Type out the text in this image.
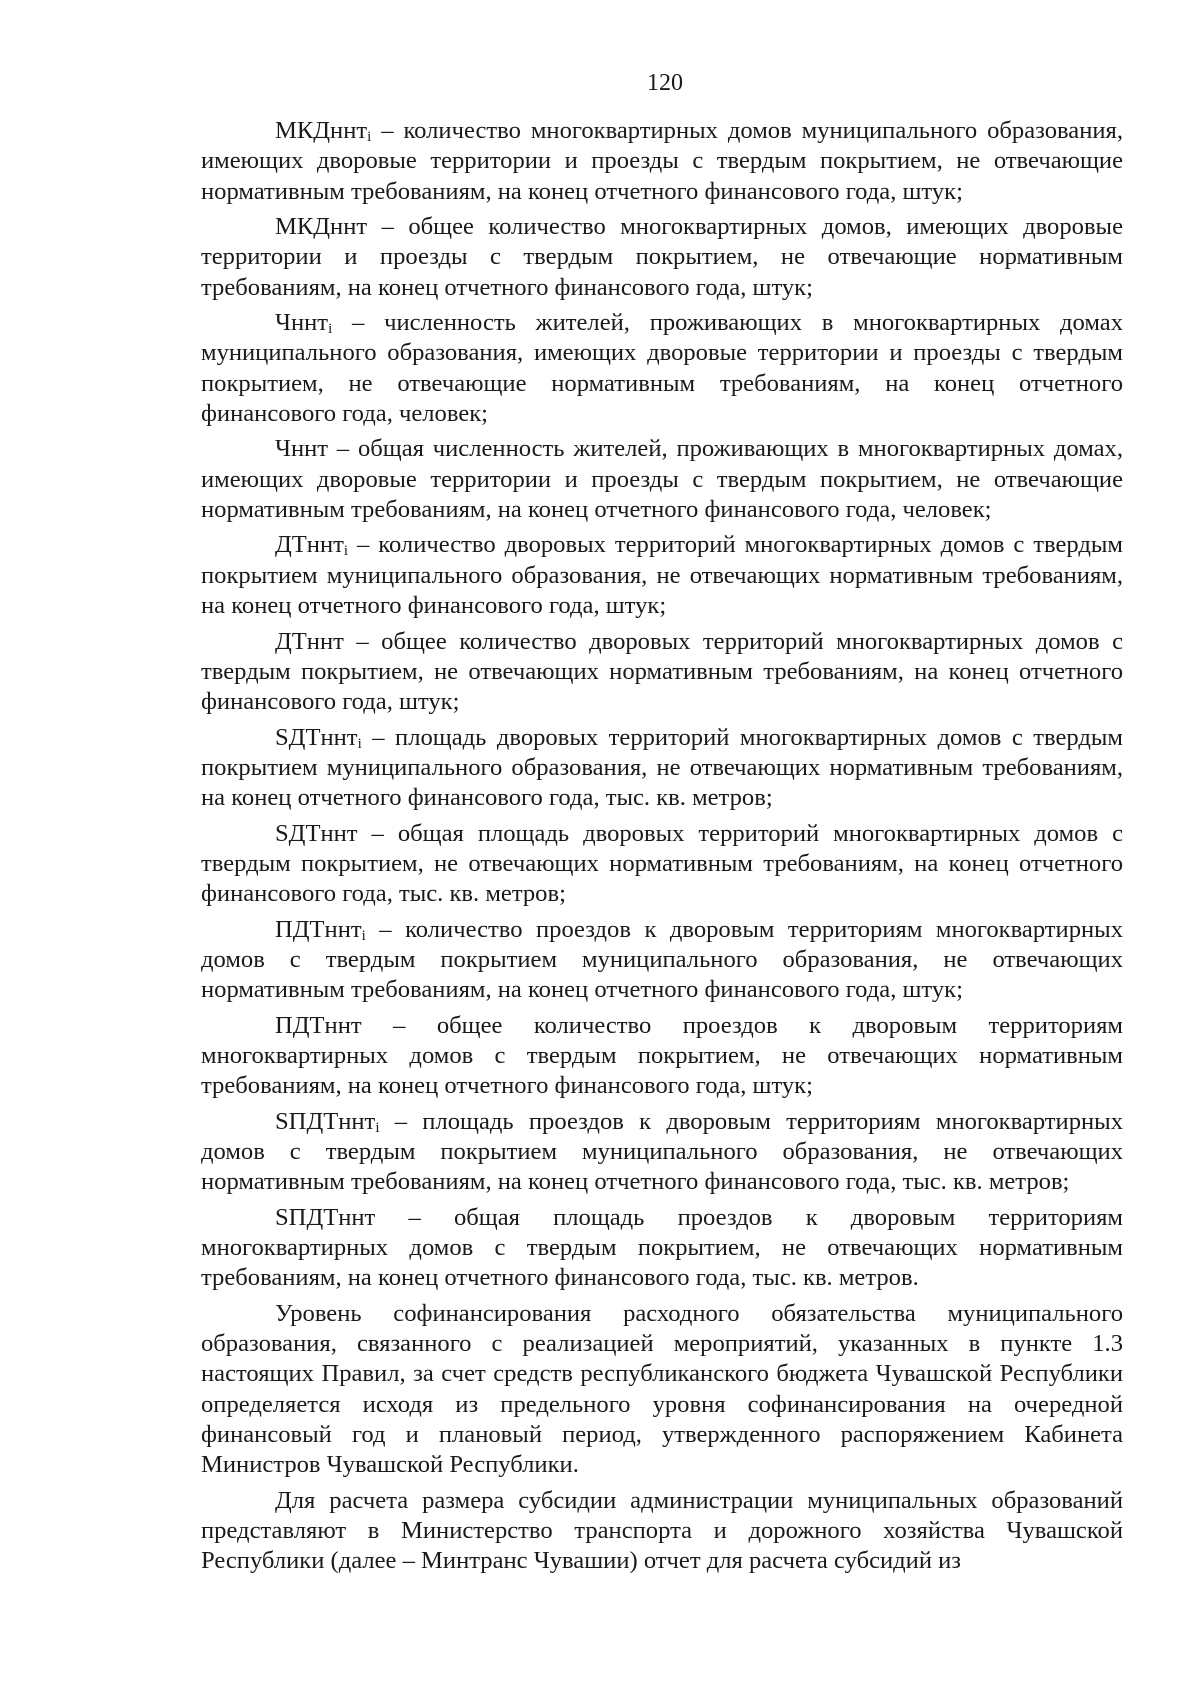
120

МКДннт$_i$ – количество многоквартирных домов муниципального образования, имеющих дворовые территории и проезды с твердым покрытием, не отвечающие нормативным требованиям, на конец отчетного финансового года, штук;

МКДннт – общее количество многоквартирных домов, имеющих дворовые территории и проезды с твердым покрытием, не отвечающие нормативным требованиям, на конец отчетного финансового года, штук;

Чннт$_i$ – численность жителей, проживающих в многоквартирных домах муниципального образования, имеющих дворовые территории и проезды с твердым покрытием, не отвечающие нормативным требованиям, на конец отчетного финансового года, человек;

Чннт – общая численность жителей, проживающих в многоквартирных домах, имеющих дворовые территории и проезды с твердым покрытием, не отвечающие нормативным требованиям, на конец отчетного финансового года, человек;

ДТннт$_i$ – количество дворовых территорий многоквартирных домов с твердым покрытием муниципального образования, не отвечающих нормативным требованиям, на конец отчетного финансового года, штук;

ДТннт – общее количество дворовых территорий многоквартирных домов с твердым покрытием, не отвечающих нормативным требованиям, на конец отчетного финансового года, штук;

SДТннт$_i$ – площадь дворовых территорий многоквартирных домов с твердым покрытием муниципального образования, не отвечающих нормативным требованиям, на конец отчетного финансового года, тыс. кв. метров;

SДТннт – общая площадь дворовых территорий многоквартирных домов с твердым покрытием, не отвечающих нормативным требованиям, на конец отчетного финансового года, тыс. кв. метров;

ПДТннт$_i$ – количество проездов к дворовым территориям многоквартирных домов с твердым покрытием муниципального образования, не отвечающих нормативным требованиям, на конец отчетного финансового года, штук;

ПДТннт – общее количество проездов к дворовым территориям многоквартирных домов с твердым покрытием, не отвечающих нормативным требованиям, на конец отчетного финансового года, штук;

SПДТннт$_i$ – площадь проездов к дворовым территориям многоквартирных домов с твердым покрытием муниципального образования, не отвечающих нормативным требованиям, на конец отчетного финансового года, тыс. кв. метров;

SПДТннт – общая площадь проездов к дворовым территориям многоквартирных домов с твердым покрытием, не отвечающих нормативным требованиям, на конец отчетного финансового года, тыс. кв. метров.

Уровень софинансирования расходного обязательства муниципального образования, связанного с реализацией мероприятий, указанных в пункте 1.3 настоящих Правил, за счет средств республиканского бюджета Чувашской Республики определяется исходя из предельного уровня софинансирования на очередной финансовый год и плановый период, утвержденного распоряжением Кабинета Министров Чувашской Республики.

Для расчета размера субсидии администрации муниципальных образований представляют в Министерство транспорта и дорожного хозяйства Чувашской Республики (далее – Минтранс Чувашии) отчет для расчета субсидий из
